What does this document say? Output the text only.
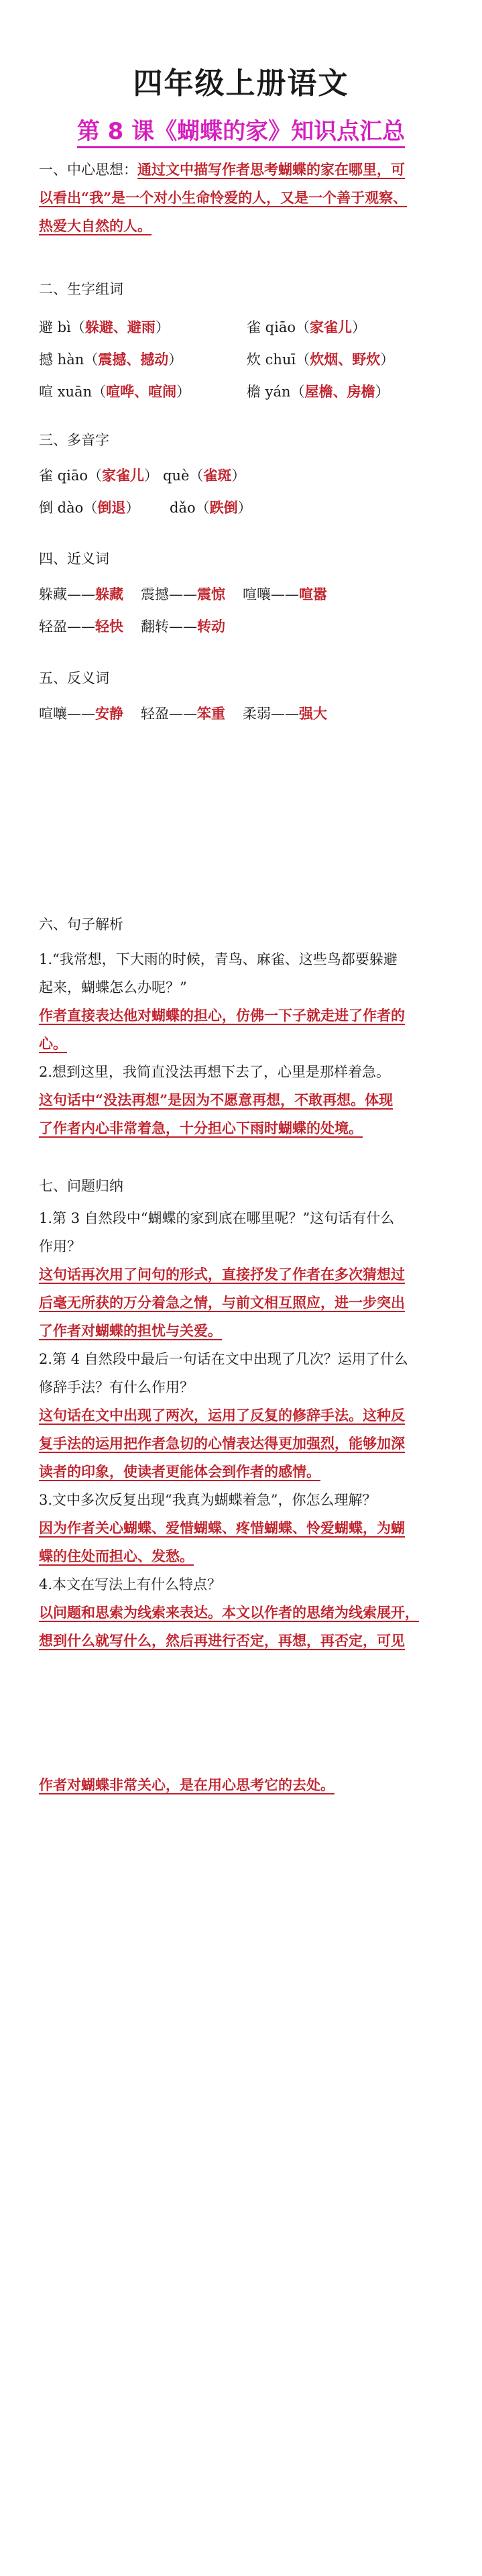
四年级上册语文
第 8 课《蝴蝶的家》知识点汇总
一、中心思想：通过文中描写作者思考蝴蝶的家在哪里，可
以看出“我”是一个对小生命怜爱的人，又是一个善于观察、
热爱大自然的人。
二、生字组词
避 bì（躲避、避雨）	雀 qiāo（家雀儿）
撼 hàn（震撼、撼动）	炊 chuī（炊烟、野炊）
喧 xuān（喧哗、喧闹）	檐 yán（屋檐、房檐）
三、多音字
雀 qiāo（家雀儿） què（雀斑）
倒 dào（倒退） dǎo（跌倒）
四、近义词
躲藏——躲藏 震撼——震惊 喧嚷——喧嚣
轻盈——轻快 翻转——转动
五、反义词
喧嚷——安静 轻盈——笨重 柔弱——强大
六、句子解析
1.“我常想，下大雨的时候，青鸟、麻雀、这些鸟都要躲避
起来，蝴蝶怎么办呢？”
作者直接表达他对蝴蝶的担心，仿佛一下子就走进了作者的
心。
2.想到这里，我简直没法再想下去了，心里是那样着急。
这句话中“没法再想”是因为不愿意再想，不敢再想。体现
了作者内心非常着急，十分担心下雨时蝴蝶的处境。
七、问题归纳
1.第 3 自然段中“蝴蝶的家到底在哪里呢？”这句话有什么
作用？
这句话再次用了问句的形式，直接抒发了作者在多次猜想过
后毫无所获的万分着急之情，与前文相互照应，进一步突出
了作者对蝴蝶的担忧与关爱。
2.第 4 自然段中最后一句话在文中出现了几次？运用了什么
修辞手法？有什么作用？
这句话在文中出现了两次，运用了反复的修辞手法。这种反
复手法的运用把作者急切的心情表达得更加强烈，能够加深
读者的印象，使读者更能体会到作者的感情。
3.文中多次反复出现“我真为蝴蝶着急”，你怎么理解？
因为作者关心蝴蝶、爱惜蝴蝶、疼惜蝴蝶、怜爱蝴蝶，为蝴
蝶的住处而担心、发愁。
4.本文在写法上有什么特点？
以问题和思索为线索来表达。本文以作者的思绪为线索展开，
想到什么就写什么，然后再进行否定，再想，再否定，可见
作者对蝴蝶非常关心，是在用心思考它的去处。
